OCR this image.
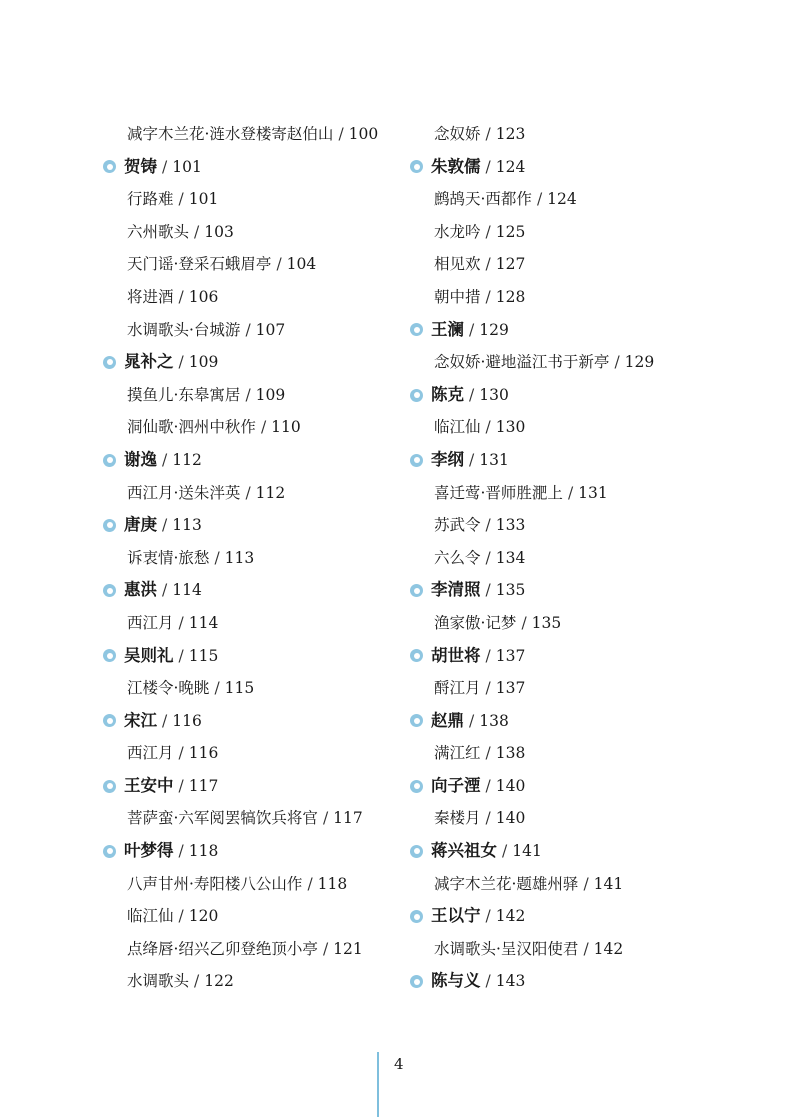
减字木兰花·涟水登楼寄赵伯山 / 100
贺铸 / 101
行路难 / 101
六州歌头 / 103
天门谣·登采石蛾眉亭 / 104
将进酒 / 106
水调歌头·台城游 / 107
晁补之 / 109
摸鱼儿·东皋寓居 / 109
洞仙歌·泗州中秋作 / 110
谢逸 / 112
西江月·送朱泮英 / 112
唐庚 / 113
诉衷情·旅愁 / 113
惠洪 / 114
西江月 / 114
吴则礼 / 115
江楼令·晚眺 / 115
宋江 / 116
西江月 / 116
王安中 / 117
菩萨蛮·六军阅罢犒饮兵将官 / 117
叶梦得 / 118
八声甘州·寿阳楼八公山作 / 118
临江仙 / 120
点绛唇·绍兴乙卯登绝顶小亭 / 121
水调歌头 / 122
念奴娇 / 123
朱敦儒 / 124
鹧鸪天·西都作 / 124
水龙吟 / 125
相见欢 / 127
朝中措 / 128
王澜 / 129
念奴娇·避地溢江书于新亭 / 129
陈克 / 130
临江仙 / 130
李纲 / 131
喜迁莺·晋师胜淝上 / 131
苏武令 / 133
六么令 / 134
李清照 / 135
渔家傲·记梦 / 135
胡世将 / 137
酹江月 / 137
赵鼎 / 138
满江红 / 138
向子湮 / 140
秦楼月 / 140
蒋兴祖女 / 141
减字木兰花·题雄州驿 / 141
王以宁 / 142
水调歌头·呈汉阳使君 / 142
陈与义 / 143
4
